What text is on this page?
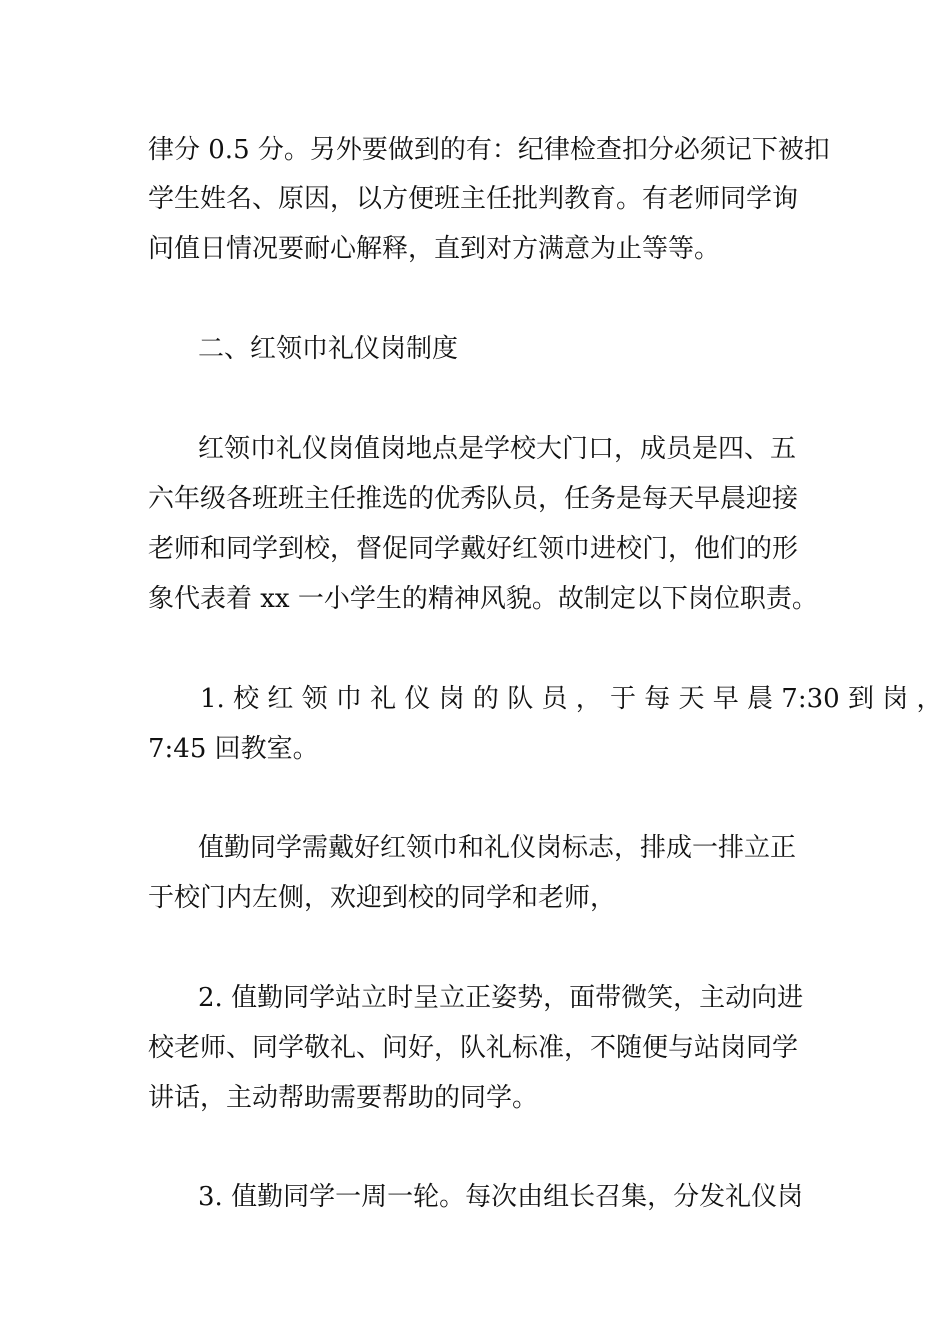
律分 0.5 分。另外要做到的有：纪律检查扣分必须记下被扣
学生姓名、原因，以方便班主任批判教育。有老师同学询
问值日情况要耐心解释，直到对方满意为止等等。
二、红领巾礼仪岗制度
红领巾礼仪岗值岗地点是学校大门口，成员是四、五
六年级各班班主任推选的优秀队员，任务是每天早晨迎接
老师和同学到校，督促同学戴好红领巾进校门，他们的形
象代表着 xx 一小学生的精神风貌。故制定以下岗位职责。
1. 校 红 领 巾 礼 仪 岗 的 队 员 ， 于 每 天 早 晨 7:30 到 岗 ，
7:45 回教室。
值勤同学需戴好红领巾和礼仪岗标志，排成一排立正
于校门内左侧，欢迎到校的同学和老师，
2. 值勤同学站立时呈立正姿势，面带微笑，主动向进
校老师、同学敬礼、问好，队礼标准，不随便与站岗同学
讲话，主动帮助需要帮助的同学。
3. 值勤同学一周一轮。每次由组长召集，分发礼仪岗
